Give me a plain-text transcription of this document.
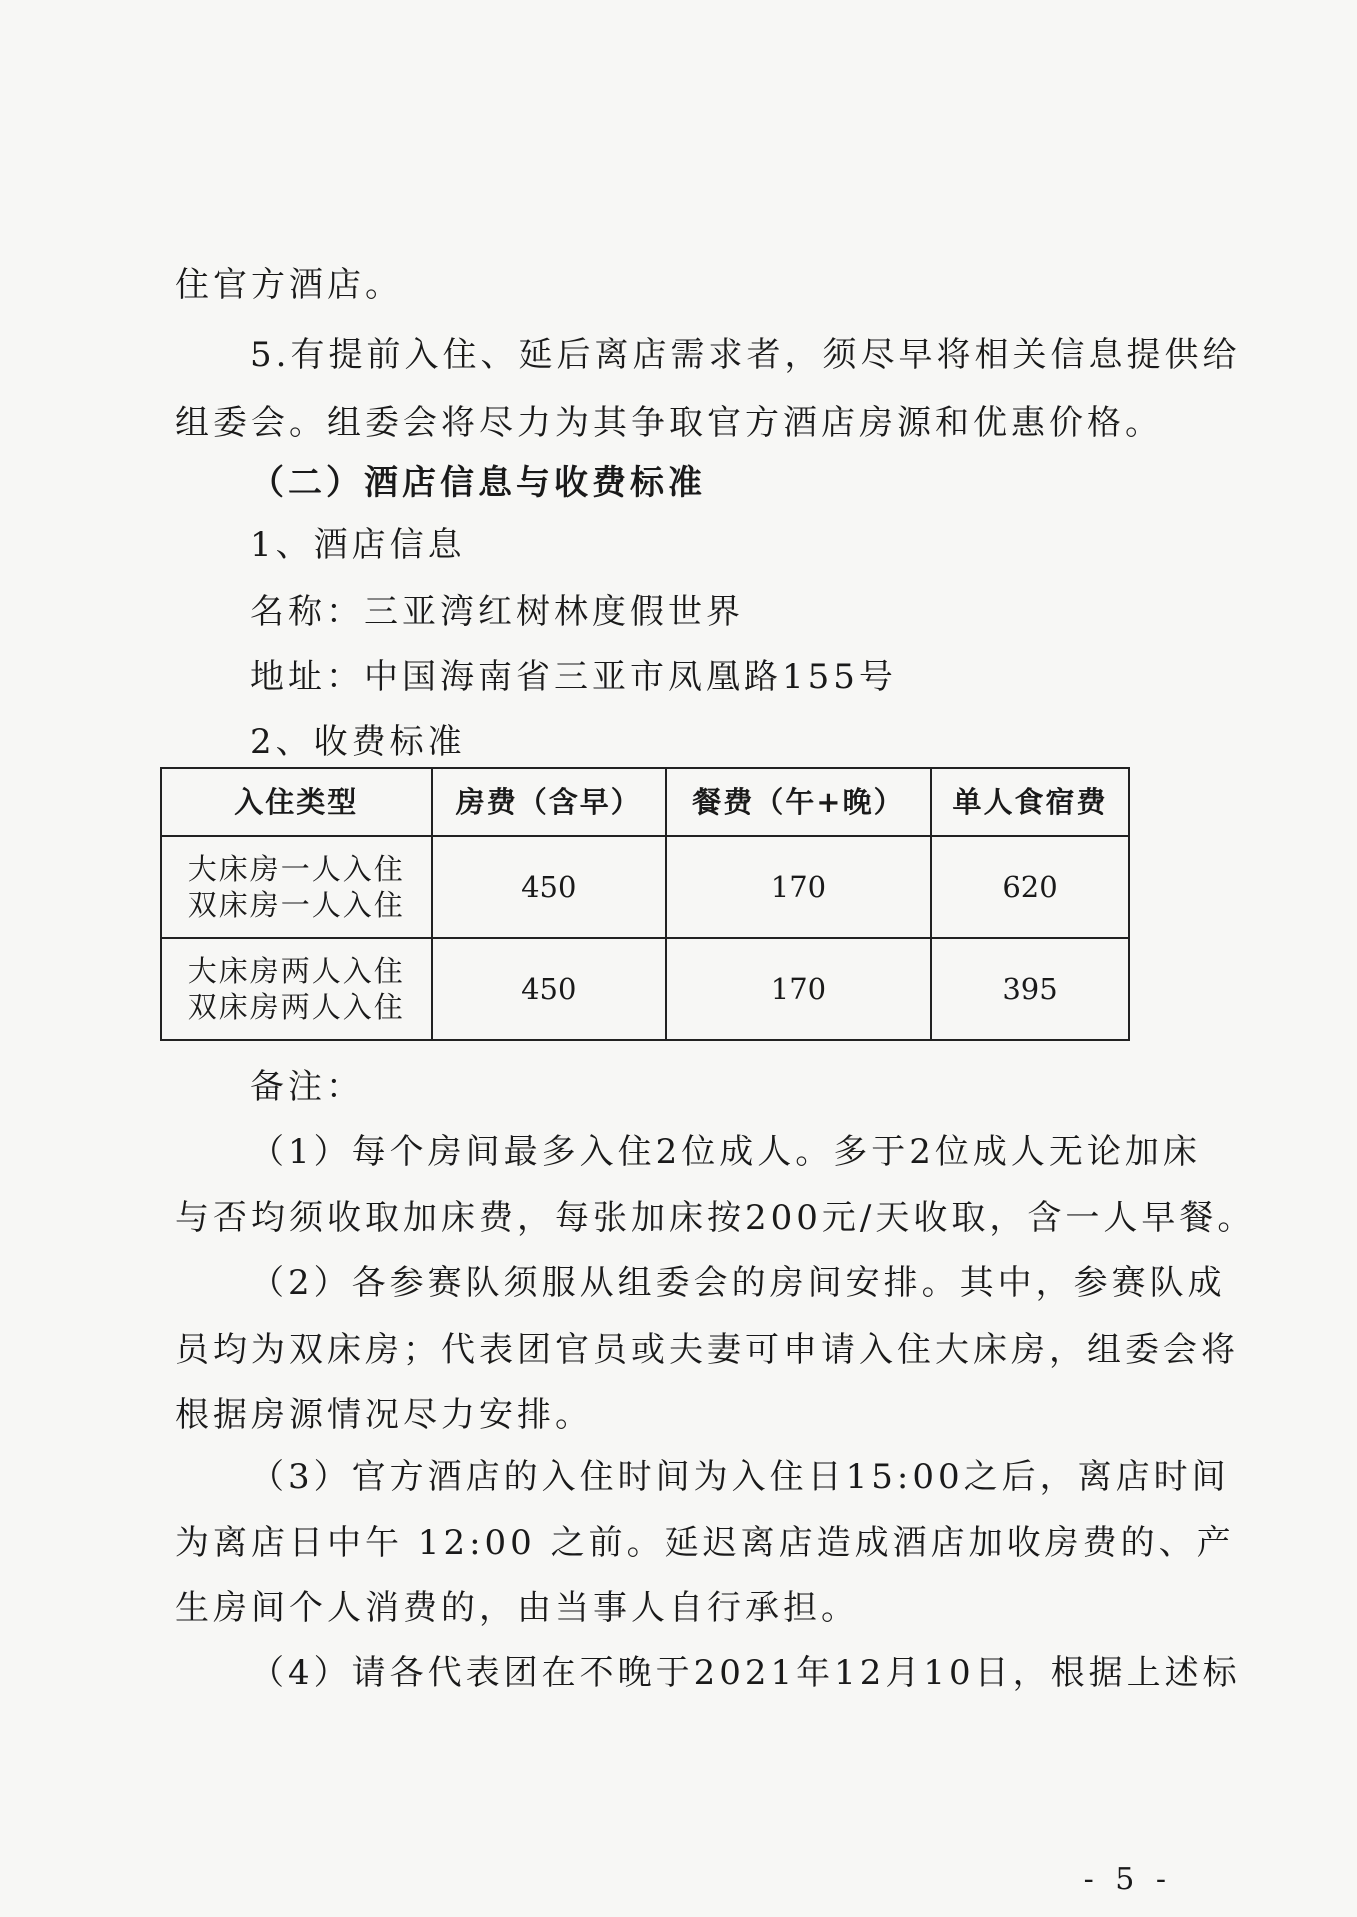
住官方酒店。
5.有提前入住、延后离店需求者，须尽早将相关信息提供给
组委会。组委会将尽力为其争取官方酒店房源和优惠价格。
（二）酒店信息与收费标准
1、酒店信息
名称：三亚湾红树林度假世界
地址：中国海南省三亚市凤凰路155号
2、收费标准
入住类型	房费（含早）	餐费（午+晚）	单人食宿费

大床房一人入住
双床房一人入住	450	170	620

大床房两人入住
双床房两人入住	450	170	395
备注：
（1）每个房间最多入住2位成人。多于2位成人无论加床
与否均须收取加床费，每张加床按200元/天收取，含一人早餐。
（2）各参赛队须服从组委会的房间安排。其中，参赛队成
员均为双床房；代表团官员或夫妻可申请入住大床房，组委会将
根据房源情况尽力安排。
（3）官方酒店的入住时间为入住日15:00之后，离店时间
为离店日中午 12:00 之前。延迟离店造成酒店加收房费的、产
生房间个人消费的，由当事人自行承担。
（4）请各代表团在不晚于2021年12月10日，根据上述标
- 5 -
